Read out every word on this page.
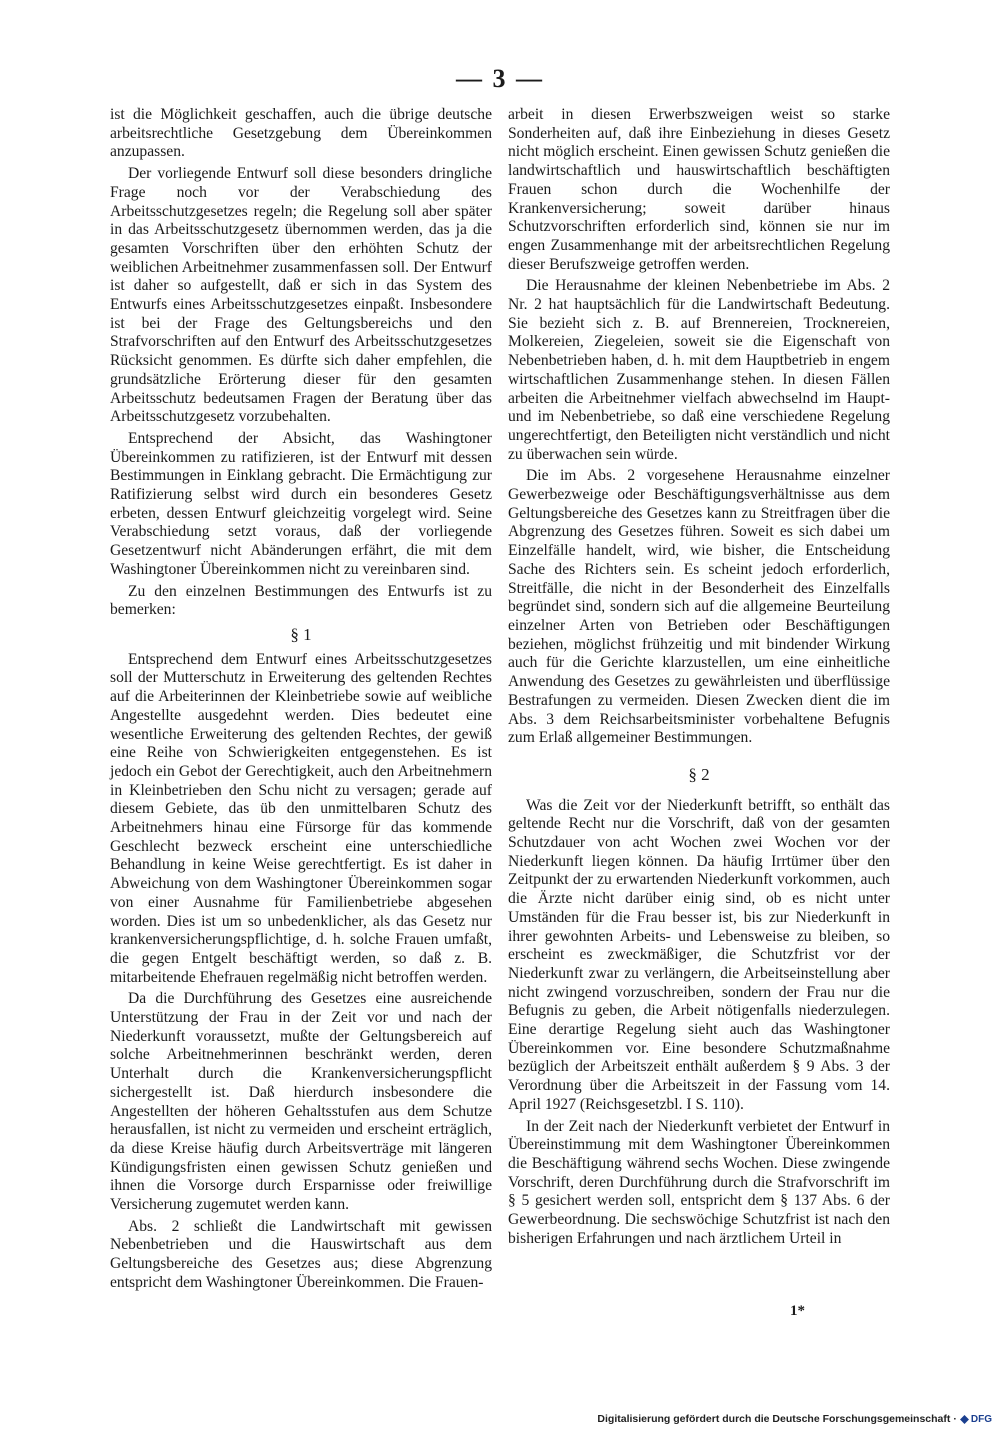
— 3 —

ist die Möglichkeit geschaffen, auch die übrige deutsche arbeitsrechtliche Gesetzgebung dem Übereinkommen anzupassen.

Der vorliegende Entwurf soll diese besonders dringliche Frage noch vor der Verabschiedung des Arbeitsschutzgesetzes regeln; die Regelung soll aber später in das Arbeitsschutzgesetz übernommen werden, das ja die gesamten Vorschriften über den erhöhten Schutz der weiblichen Arbeitnehmer zusammenfassen soll. Der Entwurf ist daher so aufgestellt, daß er sich in das System des Entwurfs eines Arbeitsschutzgesetzes einpaßt. Insbesondere ist bei der Frage des Geltungsbereichs und den Strafvorschriften auf den Entwurf des Arbeitsschutzgesetzes Rücksicht genommen. Es dürfte sich daher empfehlen, die grundsätzliche Erörterung dieser für den gesamten Arbeitsschutz bedeutsamen Fragen der Beratung über das Arbeitsschutzgesetz vorzubehalten.

Entsprechend der Absicht, das Washingtoner Übereinkommen zu ratifizieren, ist der Entwurf mit dessen Bestimmungen in Einklang gebracht. Die Ermächtigung zur Ratifizierung selbst wird durch ein besonderes Gesetz erbeten, dessen Entwurf gleichzeitig vorgelegt wird. Seine Verabschiedung setzt voraus, daß der vorliegende Gesetzentwurf nicht Abänderungen erfährt, die mit dem Washingtoner Übereinkommen nicht zu vereinbaren sind.

Zu den einzelnen Bestimmungen des Entwurfs ist zu bemerken:

§ 1

Entsprechend dem Entwurf eines Arbeitsschutzgesetzes soll der Mutterschutz in Erweiterung des geltenden Rechtes auf die Arbeiterinnen der Kleinbetriebe sowie auf weibliche Angestellte ausgedehnt werden. Dies bedeutet eine wesentliche Erweiterung des geltenden Rechtes, der gewiß eine Reihe von Schwierigkeiten entgegenstehen. Es ist jedoch ein Gebot der Gerechtigkeit, auch den Arbeitnehmern in Kleinbetrieben den Schu nicht zu versagen; gerade auf diesem Gebiete, das üb den unmittelbaren Schutz des Arbeitnehmers hinau eine Fürsorge für das kommende Geschlecht bezweck erscheint eine unterschiedliche Behandlung in keine Weise gerechtfertigt. Es ist daher in Abweichung von dem Washingtoner Übereinkommen sogar von einer Ausnahme für Familienbetriebe abgesehen worden. Dies ist um so unbedenklicher, als das Gesetz nur krankenversicherungspflichtige, d. h. solche Frauen umfaßt, die gegen Entgelt beschäftigt werden, so daß z. B. mitarbeitende Ehefrauen regelmäßig nicht betroffen werden.

Da die Durchführung des Gesetzes eine ausreichende Unterstützung der Frau in der Zeit vor und nach der Niederkunft voraussetzt, mußte der Geltungsbereich auf solche Arbeitnehmerinnen beschränkt werden, deren Unterhalt durch die Krankenversicherungspflicht sichergestellt ist. Daß hierdurch insbesondere die Angestellten der höheren Gehaltsstufen aus dem Schutze herausfallen, ist nicht zu vermeiden und erscheint erträglich, da diese Kreise häufig durch Arbeitsverträge mit längeren Kündigungsfristen einen gewissen Schutz genießen und ihnen die Vorsorge durch Ersparnisse oder freiwillige Versicherung zugemutet werden kann.

Abs. 2 schließt die Landwirtschaft mit gewissen Nebenbetrieben und die Hauswirtschaft aus dem Geltungsbereiche des Gesetzes aus; diese Abgrenzung entspricht dem Washingtoner Übereinkommen. Die Frauen-

arbeit in diesen Erwerbszweigen weist so starke Sonderheiten auf, daß ihre Einbeziehung in dieses Gesetz nicht möglich erscheint. Einen gewissen Schutz genießen die landwirtschaftlich und hauswirtschaftlich beschäftigten Frauen schon durch die Wochenhilfe der Krankenversicherung; soweit darüber hinaus Schutzvorschriften erforderlich sind, können sie nur im engen Zusammenhange mit der arbeitsrechtlichen Regelung dieser Berufszweige getroffen werden.

Die Herausnahme der kleinen Nebenbetriebe im Abs. 2 Nr. 2 hat hauptsächlich für die Landwirtschaft Bedeutung. Sie bezieht sich z. B. auf Brennereien, Trocknereien, Molkereien, Ziegeleien, soweit sie die Eigenschaft von Nebenbetrieben haben, d. h. mit dem Hauptbetrieb in engem wirtschaftlichen Zusammenhange stehen. In diesen Fällen arbeiten die Arbeitnehmer vielfach abwechselnd im Haupt- und im Nebenbetriebe, so daß eine verschiedene Regelung ungerechtfertigt, den Beteiligten nicht verständlich und nicht zu überwachen sein würde.

Die im Abs. 2 vorgesehene Herausnahme einzelner Gewerbezweige oder Beschäftigungsverhältnisse aus dem Geltungsbereiche des Gesetzes kann zu Streitfragen über die Abgrenzung des Gesetzes führen. Soweit es sich dabei um Einzelfälle handelt, wird, wie bisher, die Entscheidung Sache des Richters sein. Es scheint jedoch erforderlich, Streitfälle, die nicht in der Besonderheit des Einzelfalls begründet sind, sondern sich auf die allgemeine Beurteilung einzelner Arten von Betrieben oder Beschäftigungen beziehen, möglichst frühzeitig und mit bindender Wirkung auch für die Gerichte klarzustellen, um eine einheitliche Anwendung des Gesetzes zu gewährleisten und überflüssige Bestrafungen zu vermeiden. Diesen Zwecken dient die im Abs. 3 dem Reichsarbeitsminister vorbehaltene Befugnis zum Erlaß allgemeiner Bestimmungen.

§ 2

Was die Zeit vor der Niederkunft betrifft, so enthält das geltende Recht nur die Vorschrift, daß von der gesamten Schutzdauer von acht Wochen zwei Wochen vor der Niederkunft liegen können. Da häufig Irrtümer über den Zeitpunkt der zu erwartenden Niederkunft vorkommen, auch die Ärzte nicht darüber einig sind, ob es nicht unter Umständen für die Frau besser ist, bis zur Niederkunft in ihrer gewohnten Arbeits- und Lebensweise zu bleiben, so erscheint es zweckmäßiger, die Schutzfrist vor der Niederkunft zwar zu verlängern, die Arbeitseinstellung aber nicht zwingend vorzuschreiben, sondern der Frau nur die Befugnis zu geben, die Arbeit nötigenfalls niederzulegen. Eine derartige Regelung sieht auch das Washingtoner Übereinkommen vor. Eine besondere Schutzmaßnahme bezüglich der Arbeitszeit enthält außerdem § 9 Abs. 3 der Verordnung über die Arbeitszeit in der Fassung vom 14. April 1927 (Reichsgesetzbl. I S. 110).

In der Zeit nach der Niederkunft verbietet der Entwurf in Übereinstimmung mit dem Washingtoner Übereinkommen die Beschäftigung während sechs Wochen. Diese zwingende Vorschrift, deren Durchführung durch die Strafvorschrift im § 5 gesichert werden soll, entspricht dem § 137 Abs. 6 der Gewerbeordnung. Die sechswöchige Schutzfrist ist nach den bisherigen Erfahrungen und nach ärztlichem Urteil in

1*
Digitalisierung gefördert durch die Deutsche Forschungsgemeinschaft · DFG
